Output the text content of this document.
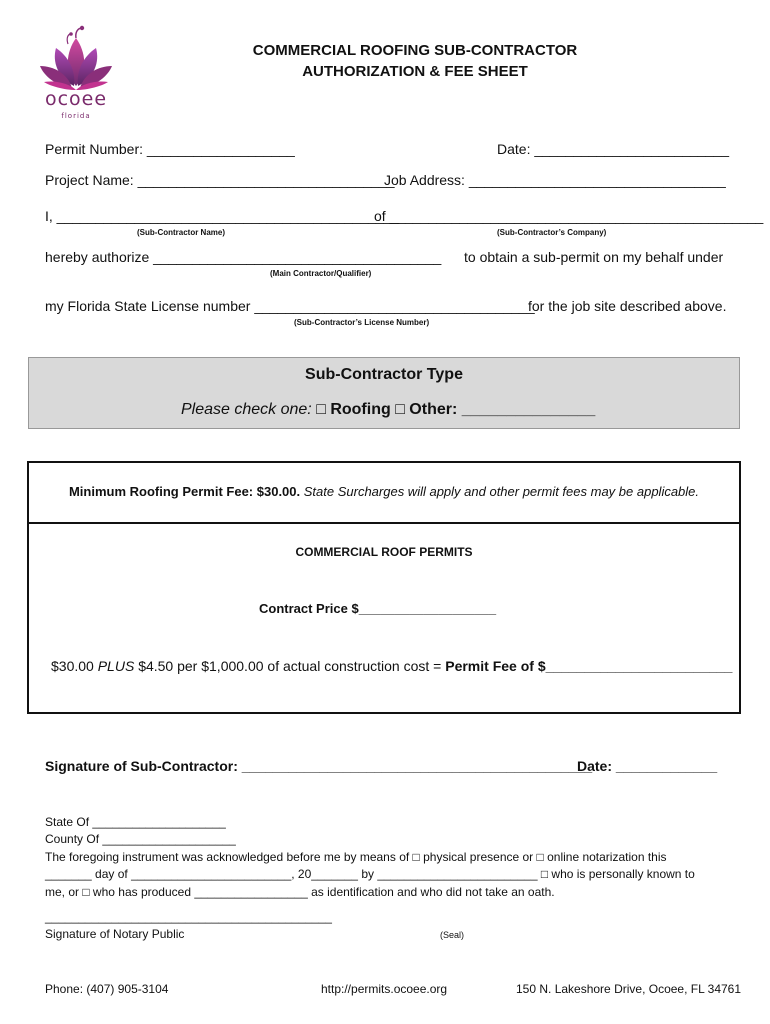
ocoee
florida
COMMERCIAL ROOFING SUB-CONTRACTOR
AUTHORIZATION & FEE SHEET
Permit Number: ___________________	Date: _________________________
Project Name: _________________________________
Job Address: _________________________________
I, ____________________________________________
of ________________________________________________
(Sub-Contractor Name)	(Sub-Contractor’s Company)
hereby authorize _____________________________________ to obtain a sub-permit on my behalf under
(Main Contractor/Qualifier)
my Florida State License number ____________________________________
for the job site described above.
(Sub-Contractor’s License Number)
Sub-Contractor Type
Please check one: □ Roofing □ Other: _______________
Minimum Roofing Permit Fee: $30.00. State Surcharges will apply and other permit fees may be applicable.
COMMERCIAL ROOF PERMITS
Contract Price $___________________
$30.00 PLUS $4.50 per $1,000.00 of actual construction cost = Permit Fee of $________________________
Signature of Sub-Contractor: _____________________________________________
Date: _____________
State Of ____________________
County Of ____________________
The foregoing instrument was acknowledged before me by means of □ physical presence or □ online notarization this
_______ day of ________________________, 20_______ by ________________________ □ who is personally known to
me, or □ who has produced _________________ as identification and who did not take an oath.
___________________________________________
Signature of Notary Public	(Seal)
Phone: (407) 905-3104	http://permits.ocoee.org	150 N. Lakeshore Drive, Ocoee, FL 34761
